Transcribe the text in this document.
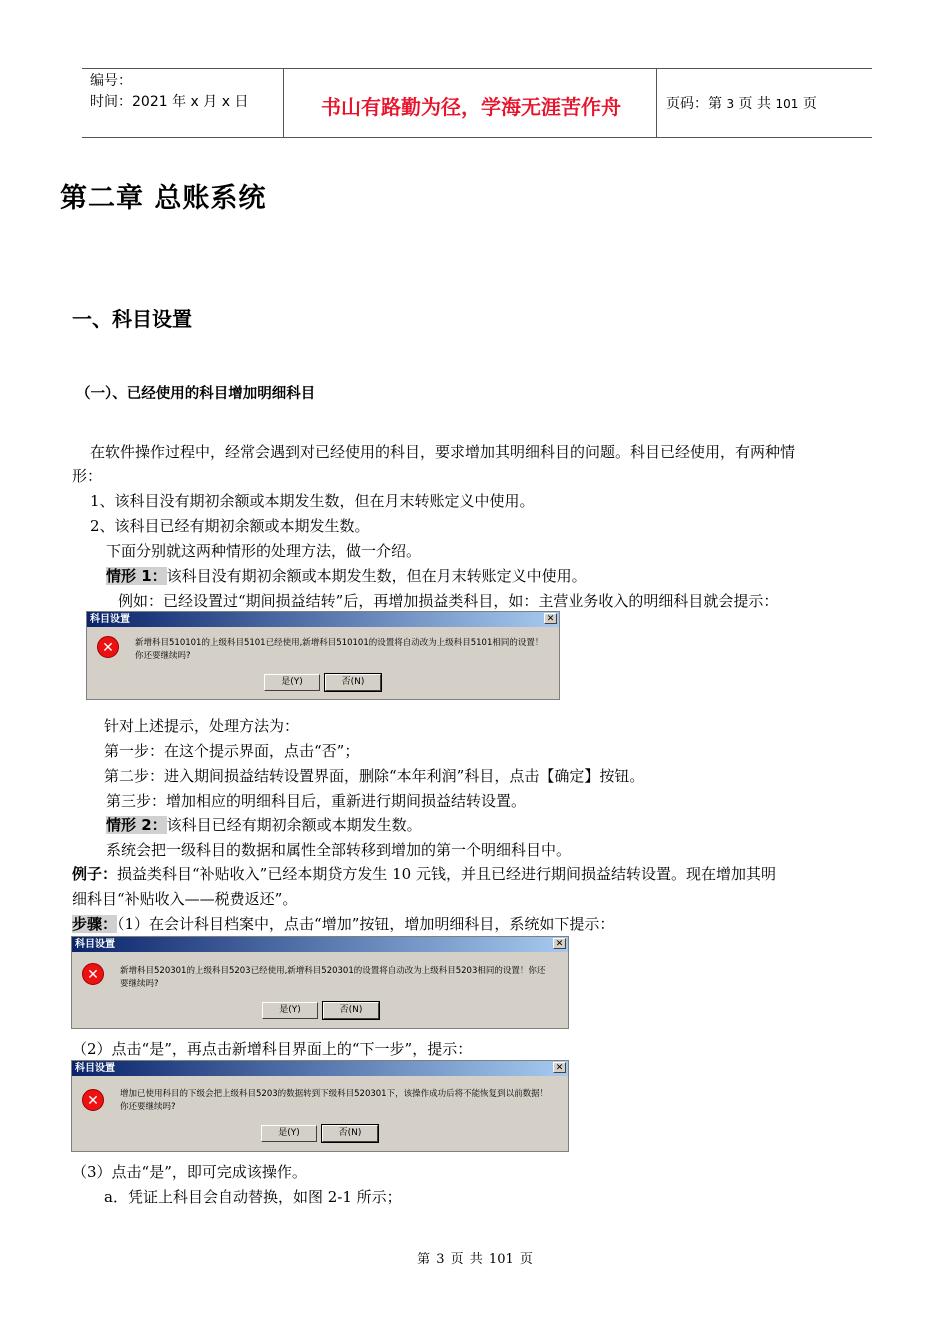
编号：
时间：2021 年 x 月 x 日	书山有路勤为径，学海无涯苦作舟	页码：第 3 页 共 101 页
第二章 总账系统
一、科目设置
（一）、已经使用的科目增加明细科目
在软件操作过程中，经常会遇到对已经使用的科目，要求增加其明细科目的问题。科目已经使用，有两种情
形：
1、该科目没有期初余额或本期发生数，但在月末转账定义中使用。
2、该科目已经有期初余额或本期发生数。
下面分别就这两种情形的处理方法，做一介绍。
情形 1：该科目没有期初余额或本期发生数，但在月末转账定义中使用。
例如：已经设置过“期间损益结转”后，再增加损益类科目，如：主营业务收入的明细科目就会提示：
科目设置	✕
✕	新增科目510101的上级科目5101已经使用,新增科目510101的设置将自动改为上级科目5101相同的设置！你还要继续吗?
是(Y)	否(N)
针对上述提示，处理方法为：
第一步：在这个提示界面，点击“否”；
第二步：进入期间损益结转设置界面，删除“本年利润”科目，点击【确定】按钮。
第三步：增加相应的明细科目后，重新进行期间损益结转设置。
情形 2：该科目已经有期初余额或本期发生数。
系统会把一级科目的数据和属性全部转移到增加的第一个明细科目中。
例子：损益类科目“补贴收入”已经本期贷方发生 10 元钱，并且已经进行期间损益结转设置。现在增加其明
细科目“补贴收入——税费返还”。
步骤：（1）在会计科目档案中，点击“增加”按钮，增加明细科目，系统如下提示：
科目设置	✕
✕	新增科目520301的上级科目5203已经使用,新增科目520301的设置将自动改为上级科目5203相同的设置！你还要继续吗?
是(Y)	否(N)
（2）点击“是”，再点击新增科目界面上的“下一步”，提示：
科目设置	✕
✕	增加已使用科目的下级会把上级科目5203的数据转到下级科目520301下，该操作成功后将不能恢复到以前数据！你还要继续吗?
是(Y)	否(N)
（3）点击“是”，即可完成该操作。
a．凭证上科目会自动替换，如图 2-1 所示；
第 3 页 共 101 页
